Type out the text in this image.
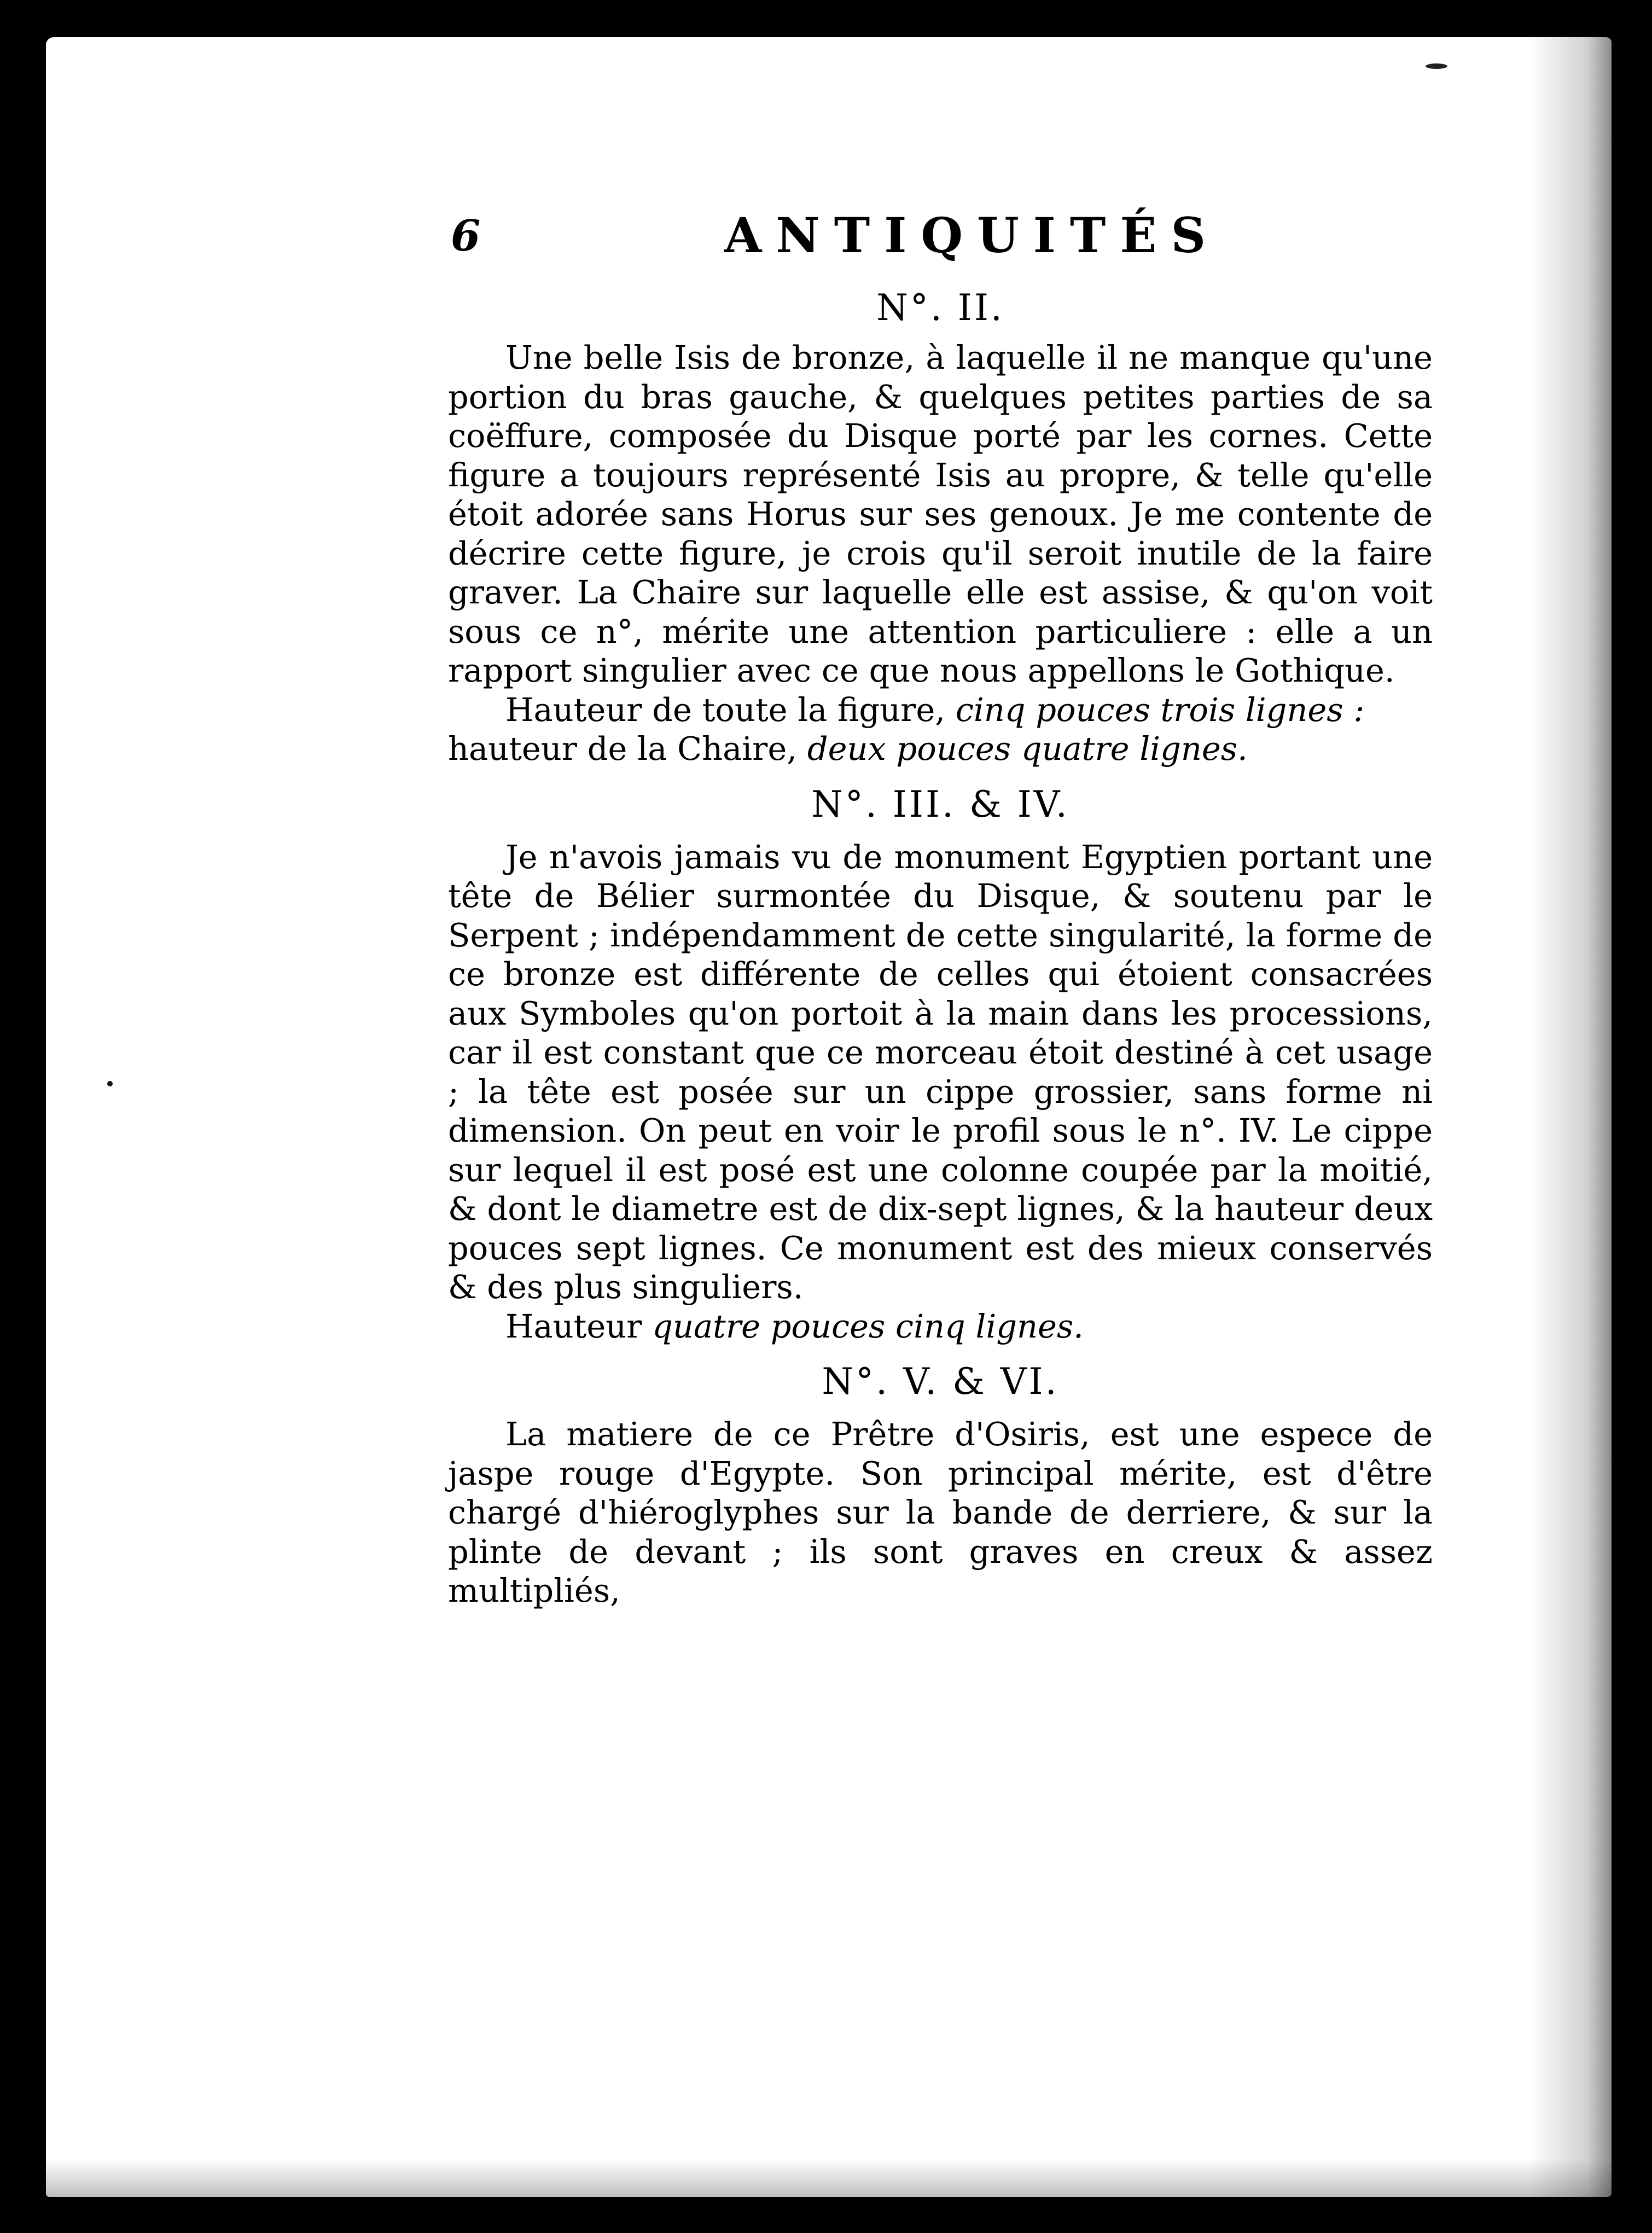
6	ANTIQUITÉS
N°. II.

Une belle Isis de bronze, à laquelle il ne manque qu'une portion du bras gauche, & quelques petites parties de sa coëffure, composée du Disque porté par les cornes. Cette figure a toujours représenté Isis au propre, & telle qu'elle étoit adorée sans Horus sur ses genoux. Je me contente de décrire cette figure, je crois qu'il seroit inutile de la faire graver. La Chaire sur laquelle elle est assise, & qu'on voit sous ce n°, mérite une attention particuliere : elle a un rapport singulier avec ce que nous appellons le Gothique.

Hauteur de toute la figure, cinq pouces trois lignes : hauteur de la Chaire, deux pouces quatre lignes.

N°. III. & IV.

Je n'avois jamais vu de monument Egyptien portant une tête de Bélier surmontée du Disque, & soutenu par le Serpent ; indépendamment de cette singularité, la forme de ce bronze est différente de celles qui étoient consacrées aux Symboles qu'on portoit à la main dans les processions, car il est constant que ce morceau étoit destiné à cet usage ; la tête est posée sur un cippe grossier, sans forme ni dimension. On peut en voir le profil sous le n°. IV. Le cippe sur lequel il est posé est une colonne coupée par la moitié, & dont le diametre est de dix-sept lignes, & la hauteur deux pouces sept lignes. Ce monument est des mieux conservés & des plus singuliers.

Hauteur quatre pouces cinq lignes.

N°. V. & VI.

La matiere de ce Prêtre d'Osiris, est une espece de jaspe rouge d'Egypte. Son principal mérite, est d'être chargé d'hiéroglyphes sur la bande de derriere, & sur la plinte de devant ; ils sont graves en creux & assez multipliés,
